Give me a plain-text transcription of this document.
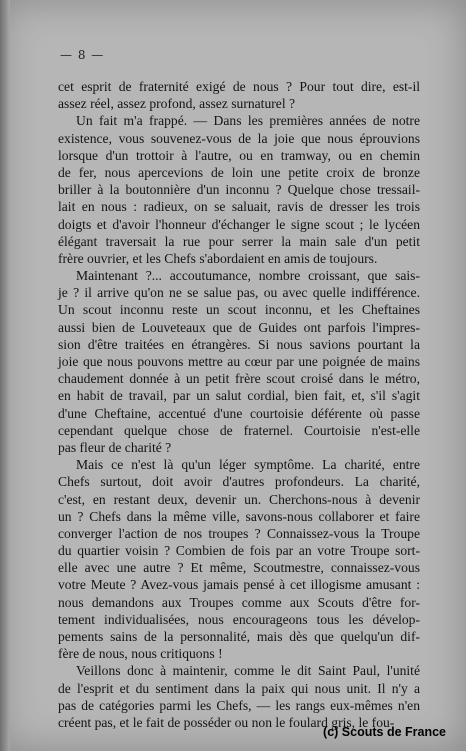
— 8 —
cet esprit de fraternité exigé de nous ? Pour tout dire, est-il
assez réel, assez profond, assez surnaturel ?
Un fait m'a frappé. — Dans les premières années de notre
existence, vous souvenez-vous de la joie que nous éprouvions
lorsque d'un trottoir à l'autre, ou en tramway, ou en chemin
de fer, nous apercevions de loin une petite croix de bronze
briller à la boutonnière d'un inconnu ? Quelque chose tressail-
lait en nous : radieux, on se saluait, ravis de dresser les trois
doigts et d'avoir l'honneur d'échanger le signe scout ; le lycéen
élégant traversait la rue pour serrer la main sale d'un petit
frère ouvrier, et les Chefs s'abordaient en amis de toujours.
Maintenant ?... accoutumance, nombre croissant, que sais-
je ? il arrive qu'on ne se salue pas, ou avec quelle indifférence.
Un scout inconnu reste un scout inconnu, et les Cheftaines
aussi bien de Louveteaux que de Guides ont parfois l'impres-
sion d'être traitées en étrangères. Si nous savions pourtant la
joie que nous pouvons mettre au cœur par une poignée de mains
chaudement donnée à un petit frère scout croisé dans le métro,
en habit de travail, par un salut cordial, bien fait, et, s'il s'agit
d'une Cheftaine, accentué d'une courtoisie déférente où passe
cependant quelque chose de fraternel. Courtoisie n'est-elle
pas fleur de charité ?
Mais ce n'est là qu'un léger symptôme. La charité, entre
Chefs surtout, doit avoir d'autres profondeurs. La charité,
c'est, en restant deux, devenir un. Cherchons-nous à devenir
un ? Chefs dans la même ville, savons-nous collaborer et faire
converger l'action de nos troupes ? Connaissez-vous la Troupe
du quartier voisin ? Combien de fois par an votre Troupe sort-
elle avec une autre ? Et même, Scoutmestre, connaissez-vous
votre Meute ? Avez-vous jamais pensé à cet illogisme amusant :
nous demandons aux Troupes comme aux Scouts d'être for-
tement individualisées, nous encourageons tous les dévelop-
pements sains de la personnalité, mais dès que quelqu'un dif-
fère de nous, nous critiquons !
Veillons donc à maintenir, comme le dit Saint Paul, l'unité
de l'esprit et du sentiment dans la paix qui nous unit. Il n'y a
pas de catégories parmi les Chefs, — les rangs eux-mêmes n'en
créent pas, et le fait de posséder ou non le foulard gris, le fou-
(c) Scouts de France
